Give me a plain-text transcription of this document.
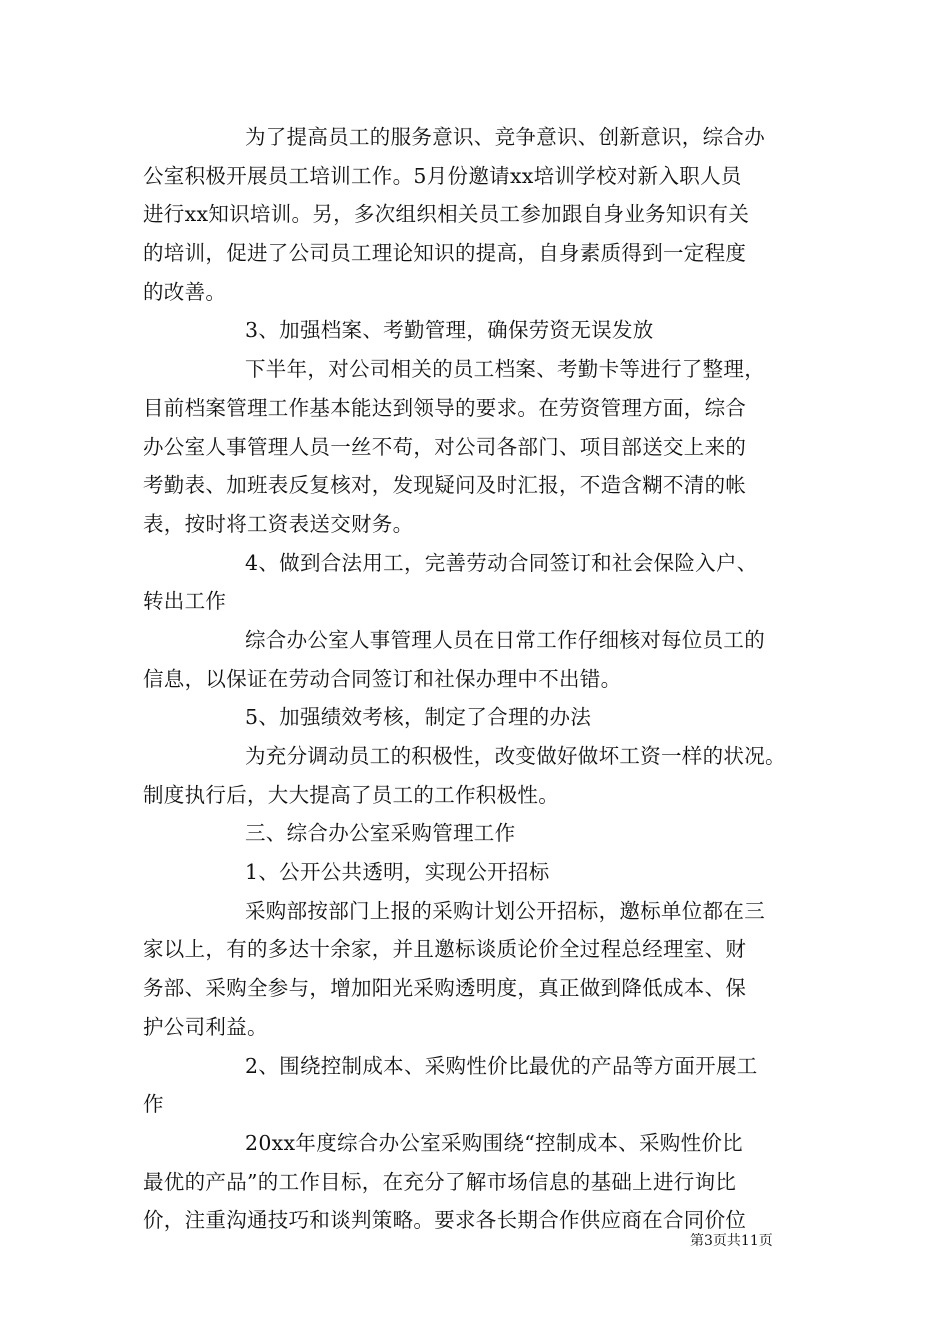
为了提高员工的服务意识、竞争意识、创新意识，综合办
公室积极开展员工培训工作。5月份邀请xx培训学校对新入职人员
进行xx知识培训。另，多次组织相关员工参加跟自身业务知识有关
的培训，促进了公司员工理论知识的提高，自身素质得到一定程度
的改善。
3、加强档案、考勤管理，确保劳资无误发放
下半年，对公司相关的员工档案、考勤卡等进行了整理，
目前档案管理工作基本能达到领导的要求。在劳资管理方面，综合
办公室人事管理人员一丝不苟，对公司各部门、项目部送交上来的
考勤表、加班表反复核对，发现疑问及时汇报，不造含糊不清的帐
表，按时将工资表送交财务。
4、做到合法用工，完善劳动合同签订和社会保险入户、
转出工作
综合办公室人事管理人员在日常工作仔细核对每位员工的
信息，以保证在劳动合同签订和社保办理中不出错。
5、加强绩效考核，制定了合理的办法
为充分调动员工的积极性，改变做好做坏工资一样的状况。
制度执行后，大大提高了员工的工作积极性。
三、综合办公室采购管理工作
1、公开公共透明，实现公开招标
采购部按部门上报的采购计划公开招标，邀标单位都在三
家以上，有的多达十余家，并且邀标谈质论价全过程总经理室、财
务部、采购全参与，增加阳光采购透明度，真正做到降低成本、保
护公司利益。
2、围绕控制成本、采购性价比最优的产品等方面开展工
作
20xx年度综合办公室采购围绕“控制成本、采购性价比
最优的产品”的工作目标，在充分了解市场信息的基础上进行询比
价，注重沟通技巧和谈判策略。要求各长期合作供应商在合同价位
第3页共11页
